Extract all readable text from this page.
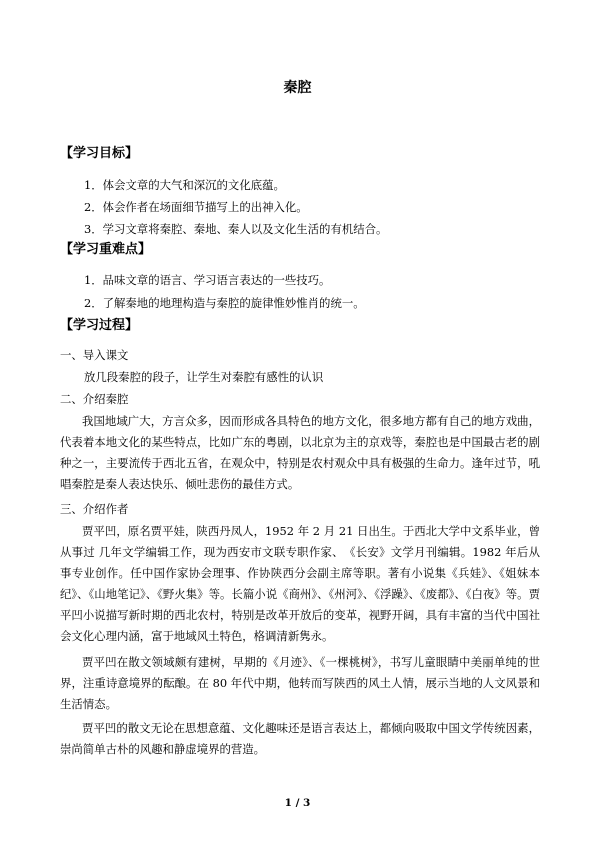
秦腔
【学习目标】
1．体会文章的大气和深沉的文化底蕴。
2．体会作者在场面细节描写上的出神入化。
3．学习文章将秦腔、秦地、秦人以及文化生活的有机结合。
【学习重难点】
1．品味文章的语言、学习语言表达的一些技巧。
2．了解秦地的地理构造与秦腔的旋律惟妙惟肖的统一。
【学习过程】
一、导入课文
放几段秦腔的段子，让学生对秦腔有感性的认识
二、介绍秦腔
我国地域广大，方言众多，因而形成各具特色的地方文化，很多地方都有自己的地方戏曲，代表着本地文化的某些特点，比如广东的粤剧，以北京为主的京戏等，秦腔也是中国最古老的剧种之一，主要流传于西北五省，在观众中，特别是农村观众中具有极强的生命力。逢年过节，吼唱秦腔是秦人表达快乐、倾吐悲伤的最佳方式。
三、介绍作者
贾平凹，原名贾平娃，陕西丹凤人，1952 年 2 月 21 日出生。于西北大学中文系毕业，曾从事过 几年文学编辑工作，现为西安市文联专职作家、　《长安》文学月刊编辑。1982 年后从事专业创作。任中国作家协会理事、作协陕西分会副主席等职。著有小说集《兵娃》、《姐妹本纪》、《山地笔记》、《野火集》等。长篇小说《商州》、《州河》、《浮躁》、《废都》、《白夜》等。贾平凹小说描写新时期的西北农村，特别是改革开放后的变革，视野开阔，具有丰富的当代中国社会文化心理内涵，富于地域风土特色，格调清新隽永。
贾平凹在散文领域颇有建树，早期的《月迹》、《一棵桃树》，书写儿童眼睛中美丽单纯的世界，注重诗意境界的酝酿。在 80 年代中期，他转而写陕西的风土人情，展示当地的人文风景和生活情态。
贾平凹的散文无论在思想意蕴、文化趣味还是语言表达上，都倾向吸取中国文学传统因素，崇尚简单古朴的风趣和静虚境界的营造。
1 / 3
